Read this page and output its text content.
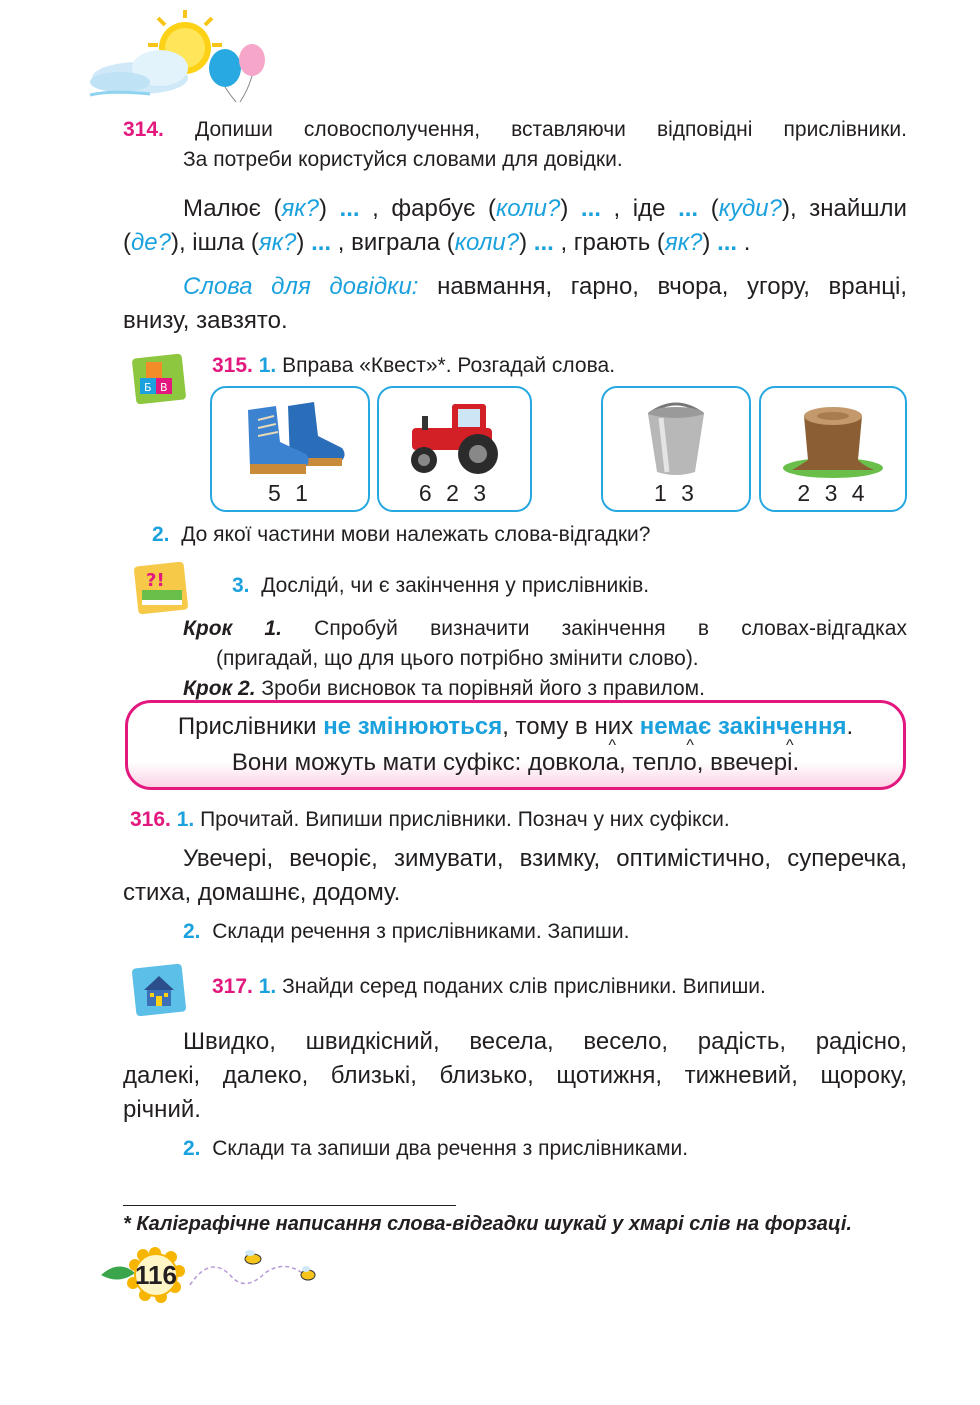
314. Допиши словосполучення, вставляючи відповідні прислівники.
За потреби користуйся словами для довідки.
Малює (як?) ... , фарбує (коли?) ... , іде ... (куди?), знайшли
(де?), ішла (як?) ... , виграла (коли?) ... , грають (як?) ... .
Слова для довідки: навмання, гарно, вчора, угору, вранці,
внизу, завзято.
Б В
315. 1. Вправа «Квест»*. Розгадай слова.
5 1	6 2 3	1 3	2 3 4
2. До якої частини мови належать слова-відгадки?
?!	3. Досліди́, чи є закінчення у прислівників.
Крок 1. Спробуй визначити закінчення в словах-відгадках
(пригадай, що для цього потрібно змінити слово).
Крок 2. Зроби висновок та порівняй його з правилом.
Прислівники не змінюються, тому в них немає закінчення.
Вони можуть мати суфікс: довкол^ а, тепл^ о, ввечер^ і.
316. 1. Прочитай. Випиши прислівники. Познач у них суфікси.
Увечері, вечоріє, зимувати, взимку, оптимістично, суперечка,
стиха, домашнє, додому.
2. Склади речення з прислівниками. Запиши.
317. 1. Знайди серед поданих слів прислівники. Випиши.
Швидко, швидкісний, весела, весело, радість, радісно,
далекі, далеко, близькі, близько, щотижня, тижневий, щороку,
річний.
2. Склади та запиши два речення з прислівниками.
* Каліграфічне написання слова-відгадки шукай у хмарі слів на форзаці.
116
